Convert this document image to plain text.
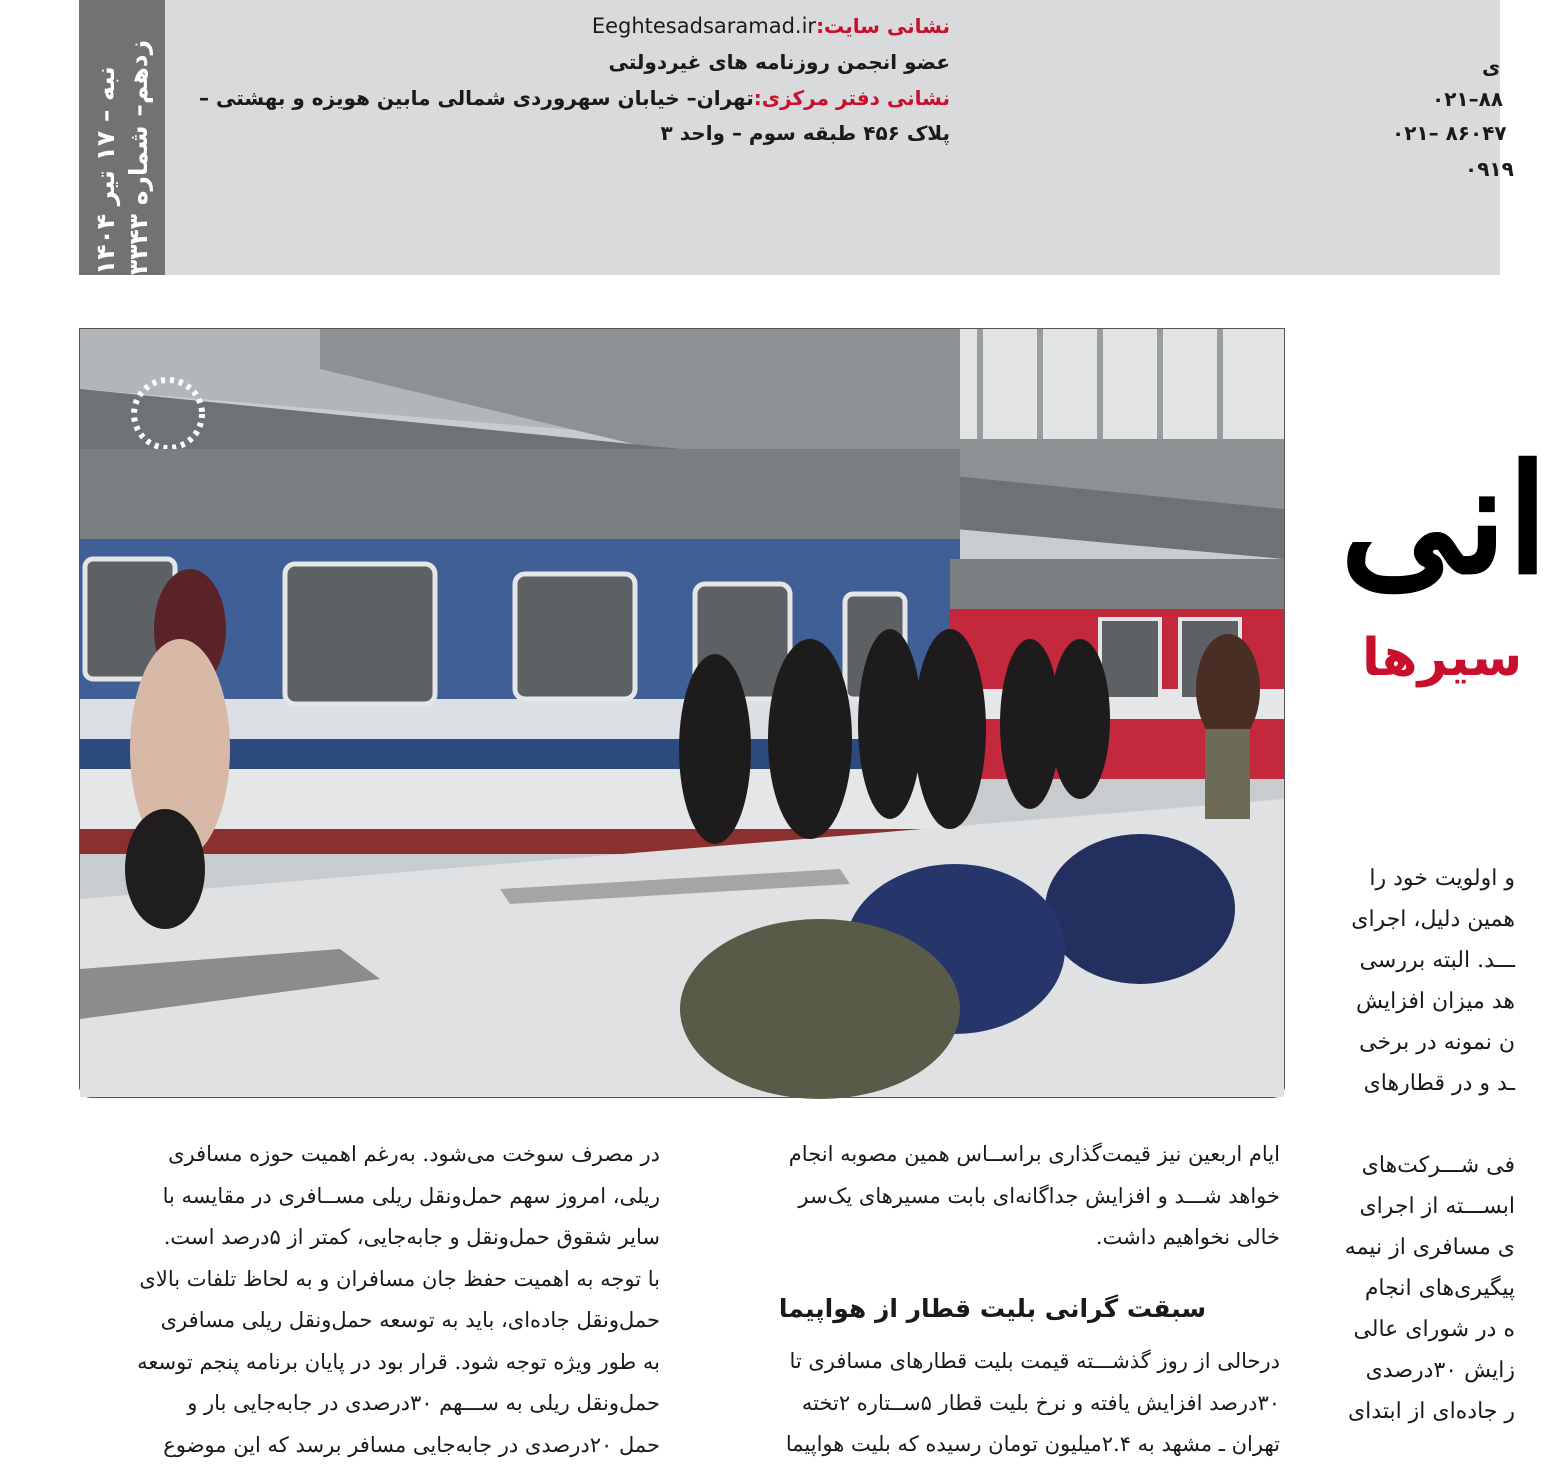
نبه – ۱۷ تیر ۱۴۰۴
زدهم– شماره ۳۳۴۳
نشانی سایت:Eeghtesadsaramad.ir
عضو انجمن روزنامه های غیردولتی
نشانی دفتر مرکزی:تهران– خیابان سهروردی شمالی مابین هویزه و بهشتی –
پلاک ۴۵۶ طبقه سوم – واحد ۳
ی
۰۲۱–۸۸
۰۲۱– ۸۶۰۴۷
۰۹۱۹
انی
سیرها
و اولویت خود را
همین دلیل، اجرای
ـــد. البته بررسی
هد میزان افزایش
ن نمونه در برخی
ـد و در قطارهای
فی شـــرکت‌های
ابســـته از اجرای
ی مسافری از نیمه
پیگیری‌های انجام
ه در شورای عالی
زایش ۳۰درصدی
ر جاده‌ای از ابتدای
ایام اربعین نیز قیمت‌گذاری براســاس همین مصوبه انجام
خواهد شـــد و افزایش جداگانه‌ای بابت مسیرهای یک‌سر
خالی نخواهیم داشت.
سبقت گرانی بلیت قطار از هواپیما
درحالی از روز گذشـــته قیمت بلیت قطارهای مسافری تا
۳۰درصد افزایش یافته و نرخ بلیت قطار ۵ســتاره ۲تخته
تهران ـ مشهد به ۲.۴میلیون تومان رسیده که بلیت هواپیما
در مصرف سوخت می‌شود. به‌رغم اهمیت حوزه مسافری
ریلی، امروز سهم حمل‌ونقل ریلی مســافری در مقایسه با
سایر شقوق حمل‌ونقل و جابه‌جایی، کمتر از ۵درصد است.
با توجه به اهمیت حفظ جان مسافران و به لحاظ تلفات بالای
حمل‌ونقل جاده‌ای، باید به توسعه حمل‌ونقل ریلی مسافری
به طور ویژه توجه شود. قرار بود در پایان برنامه پنجم توسعه
حمل‌ونقل ریلی به ســـهم ۳۰درصدی در جابه‌جایی بار و
حمل ۲۰درصدی در جابه‌جایی مسافر برسد که این موضوع
